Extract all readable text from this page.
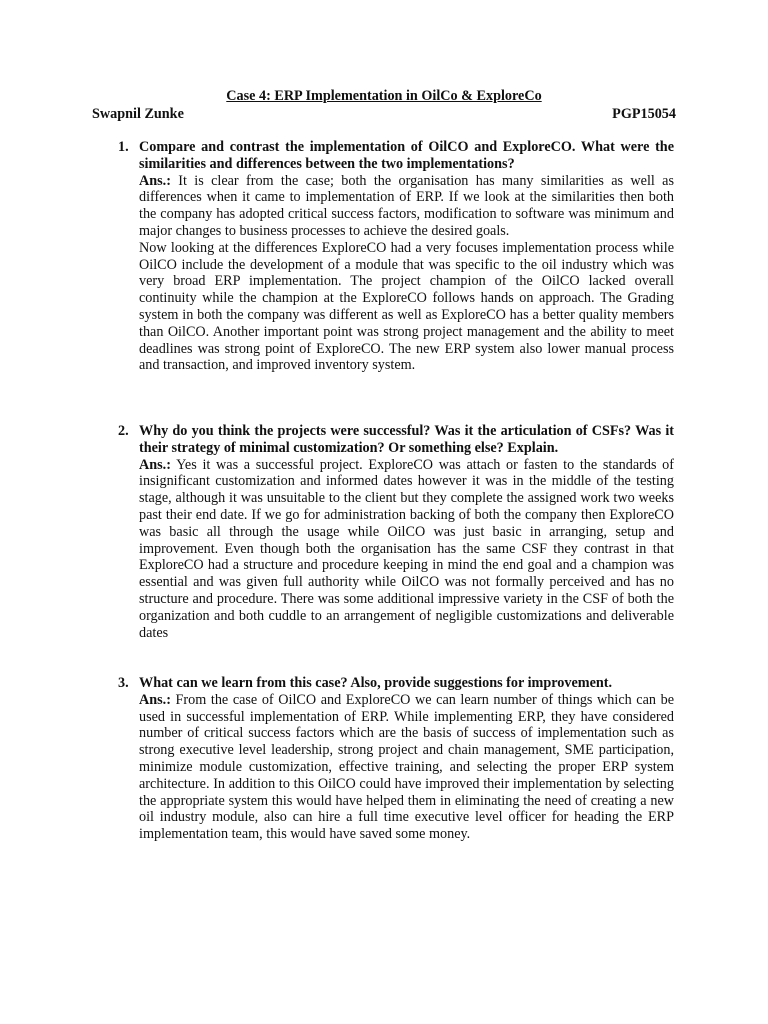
Case 4: ERP Implementation in OilCo & ExploreCo
Swapnil Zunke	PGP15054
1. Compare and contrast the implementation of OilCO and ExploreCO. What were the similarities and differences between the two implementations?

Ans.: It is clear from the case; both the organisation has many similarities as well as differences when it came to implementation of ERP. If we look at the similarities then both the company has adopted critical success factors, modification to software was minimum and major changes to business processes to achieve the desired goals.

Now looking at the differences ExploreCO had a very focuses implementation process while OilCO include the development of a module that was specific to the oil industry which was very broad ERP implementation. The project champion of the OilCO lacked overall continuity while the champion at the ExploreCO follows hands on approach. The Grading system in both the company was different as well as ExploreCO has a better quality members than OilCO. Another important point was strong project management and the ability to meet deadlines was strong point of ExploreCO. The new ERP system also lower manual process and transaction, and improved inventory system.

2. Why do you think the projects were successful? Was it the articulation of CSFs? Was it their strategy of minimal customization? Or something else? Explain.

Ans.: Yes it was a successful project. ExploreCO was attach or fasten to the standards of insignificant customization and informed dates however it was in the middle of the testing stage, although it was unsuitable to the client but they complete the assigned work two weeks past their end date. If we go for administration backing of both the company then ExploreCO was basic all through the usage while OilCO was just basic in arranging, setup and improvement. Even though both the organisation has the same CSF they contrast in that ExploreCO had a structure and procedure keeping in mind the end goal and a champion was essential and was given full authority while OilCO was not formally perceived and has no structure and procedure. There was some additional impressive variety in the CSF of both the organization and both cuddle to an arrangement of negligible customizations and deliverable dates

3. What can we learn from this case? Also, provide suggestions for improvement.

Ans.: From the case of OilCO and ExploreCO we can learn number of things which can be used in successful implementation of ERP. While implementing ERP, they have considered number of critical success factors which are the basis of success of implementation such as strong executive level leadership, strong project and chain management, SME participation, minimize module customization, effective training, and selecting the proper ERP system architecture. In addition to this OilCO could have improved their implementation by selecting the appropriate system this would have helped them in eliminating the need of creating a new oil industry module, also can hire a full time executive level officer for heading the ERP implementation team, this would have saved some money.
